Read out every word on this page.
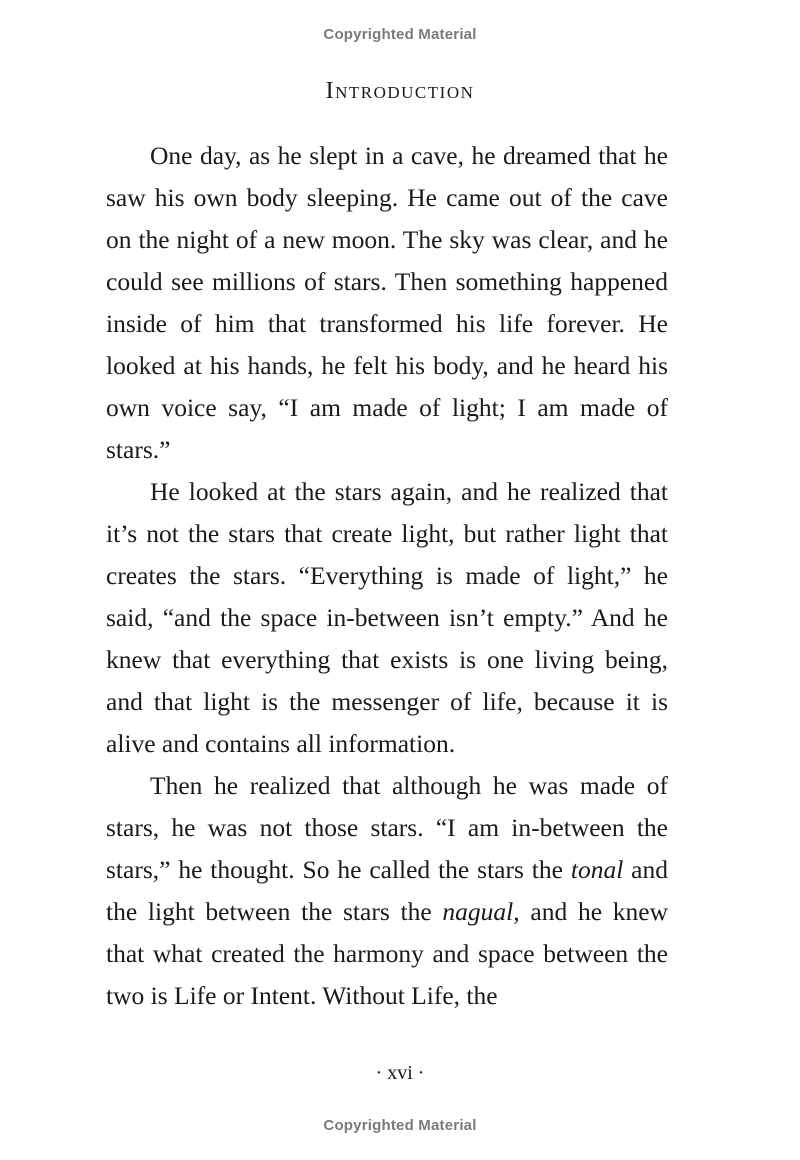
Copyrighted Material
Introduction

One day, as he slept in a cave, he dreamed that he saw his own body sleeping. He came out of the cave on the night of a new moon. The sky was clear, and he could see millions of stars. Then something happened inside of him that transformed his life forever. He looked at his hands, he felt his body, and he heard his own voice say, “I am made of light; I am made of stars.”

He looked at the stars again, and he realized that it’s not the stars that create light, but rather light that creates the stars. “Everything is made of light,” he said, “and the space in-between isn’t empty.” And he knew that everything that exists is one living being, and that light is the messenger of life, because it is alive and contains all information.

Then he realized that although he was made of stars, he was not those stars. “I am in-between the stars,” he thought. So he called the stars the tonal and the light between the stars the nagual, and he knew that what created the harmony and space between the two is Life or Intent. Without Life, the

· xvi ·
Copyrighted Material
